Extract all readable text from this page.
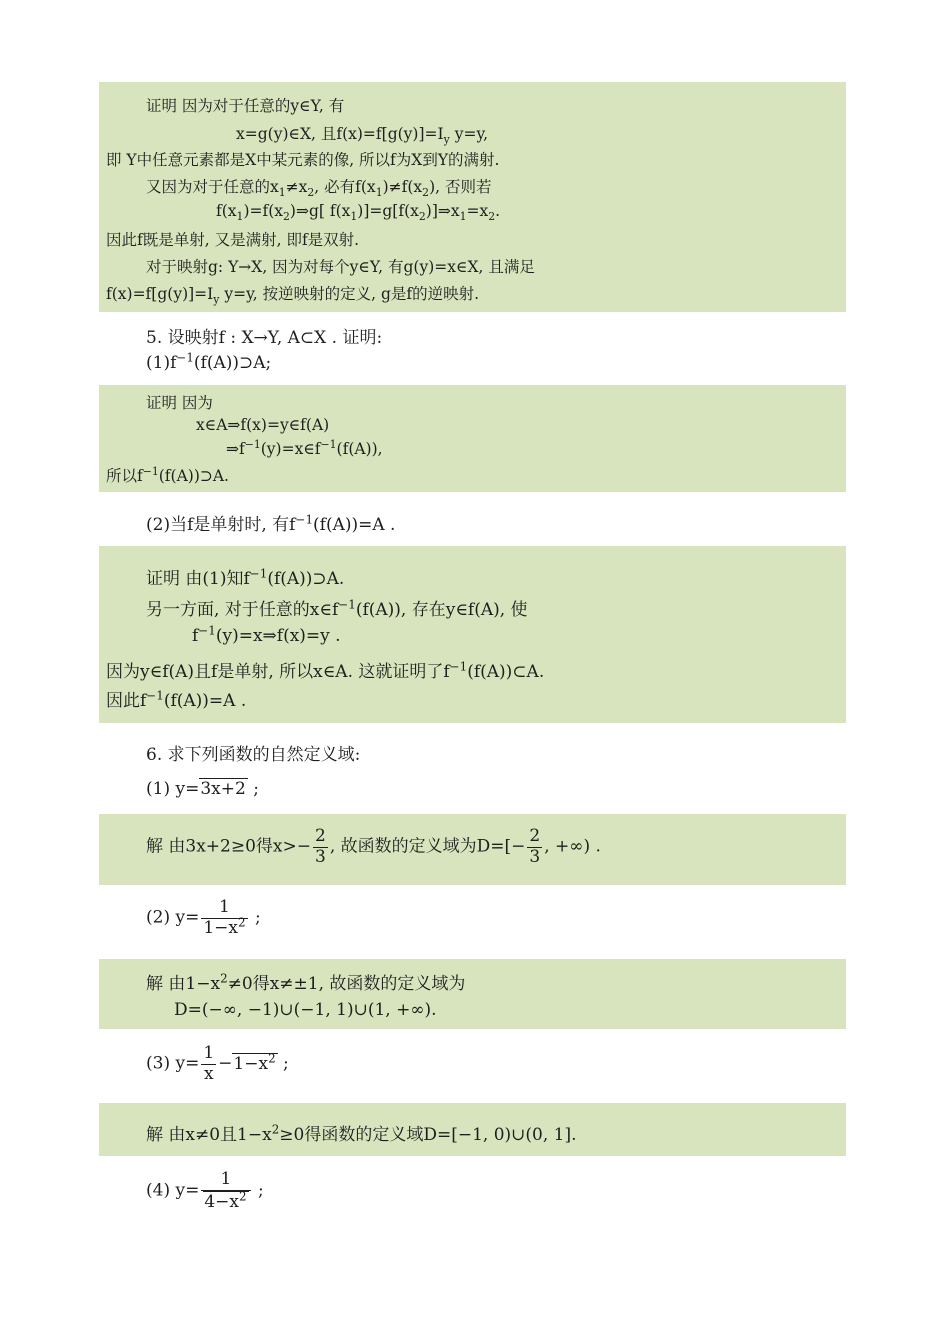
证明 因为对于任意的y∈Y, 有
x=g(y)∈X, 且$f(x)=f[g(y)]=I_y$ y=y,
即 Y中任意元素都是X中某元素的像, 所以f为X到Y的满射.
又因为对于任意的$x_1\ne x_2$, 必有$f(x_1)\ne f(x_2)$, 否则若
$f(x_1)=f(x_2)\Rightarrow g$[ $f(x_1)]=g[f(x_2)]\Rightarrow x_1=x_2$.
因此f既是单射, 又是满射, 即f是双射.
对于映射g: Y→X, 因为对每个y∈Y, 有g(y)=x∈X, 且满足
$f(x)=f[g(y)]=I_y$ y=y, 按逆映射的定义, g是f的逆映射.
5. 设映射f : X→Y, A⊂X . 证明:
$(1)f^{-1}(f(A))⊃A$;
证明 因为
x∈A⇒f(x)=y∈f(A)
$\Rightarrow f^{-1}(y)=x\in f^{-1}(f(A))$,
所以$f^{-1}(f(A))⊃A$.
(2)当f是单射时, 有$f^{-1}(f(A))=A$ .
证明 由(1)知$f^{-1}(f(A))⊃A$.
另一方面, 对于任意的$x\in f^{-1}(f(A))$, 存在y∈f(A), 使
$f^{-1}(y)=x\Rightarrow f(x)=y$ .
因为y∈f(A)且f是单射, 所以x∈A. 这就证明了$f^{-1}(f(A))\subset A$.
因此$f^{-1}(f(A))=A$ .
6. 求下列函数的自然定义域:
(1) y=3x+2 ;
解 由3x+2≥0得$x>- \frac{2}{3}$ , 故函数的定义域为$D=[- \frac{2}{3}$ , +∞) .
(2) $y= \frac{1}{1-x^2}$ ;
解 由$1-x^2\ne 0$得x≠±1, 故函数的定义域为
D=(−∞, −1)∪(−1, 1)∪(1, +∞).
(3) $y= \frac{1}{x} -1-x^2$ ;
解 由x≠0且$1-x^2\ge 0$得函数的定义域D=[−1, 0)∪(0, 1].
(4) $y= \frac{1}{4-x^2}$ ;
